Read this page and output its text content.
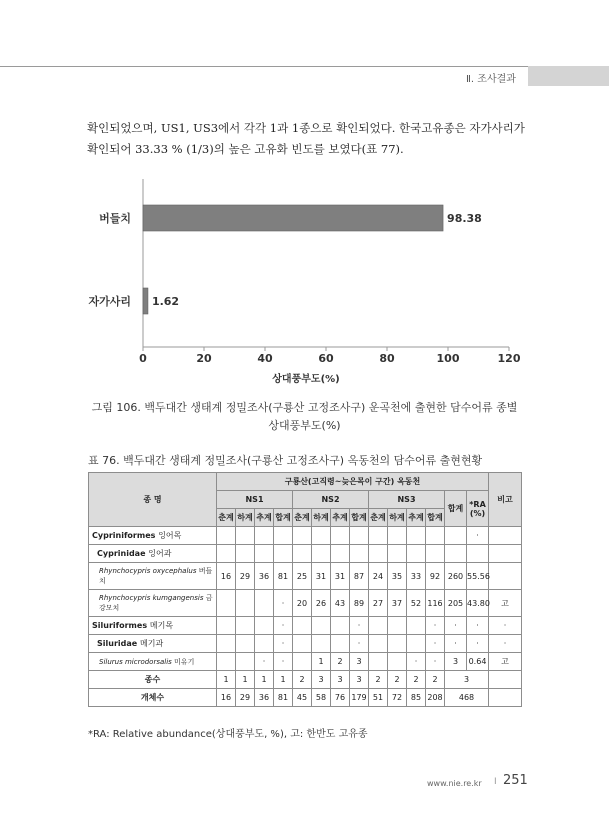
Ⅱ. 조사결과
확인되었으며, US1, US3에서 각각 1과 1종으로 확인되었다. 한국고유종은 자가사리가
확인되어 33.33 % (1/3)의 높은 고유화 빈도를 보였다(표 77).
0	20	40	60	80	100	120
버들치	98.38
자가사리 1.62
상대풍부도(%)
그림 106. 백두대간 생태계 정밀조사(구룡산 고정조사구) 운곡천에 출현한 담수어류 종별
상대풍부도(%)
표 76. 백두대간 생태계 정밀조사(구룡산 고정조사구) 옥동천의 담수어류 출현현황
종 명	구룡산(고직령~늦은목이 구간) 옥동천														비고	
	NS1				NS2				NS3				합계	*RA (%)		
	춘계	하계	추계	합계	춘계	하계	추계	합계	춘계	하계	추계	합계				
Cypriniformes 잉어목														·		
Cyprinidae 잉어과																
Rhynchocypris oxycephalus 버들치	16	29	36	81	25	31	31	87	24	35	33	92	260	55.56		
Rhynchocypris kumgangensis 금강모치				·	20	26	43	89	27	37	52	116	205	43.80	고	
Siluriformes 메기목				·				·				·	·	·	·	
Siluridae 메기과				·				·				·	·	·	·	
Silurus microdorsalis 미유기			·	·		1	2	3			·	·	3	0.64	고	
종수	1	1	1	1	2	3	3	3	2	2	2	2	3			
개체수	16	29	36	81	45	58	76	179	51	72	85	208	468			
*RA: Relative abundance(상대풍부도, %), 고: 한반도 고유종
www.nie.re.kr I 251
